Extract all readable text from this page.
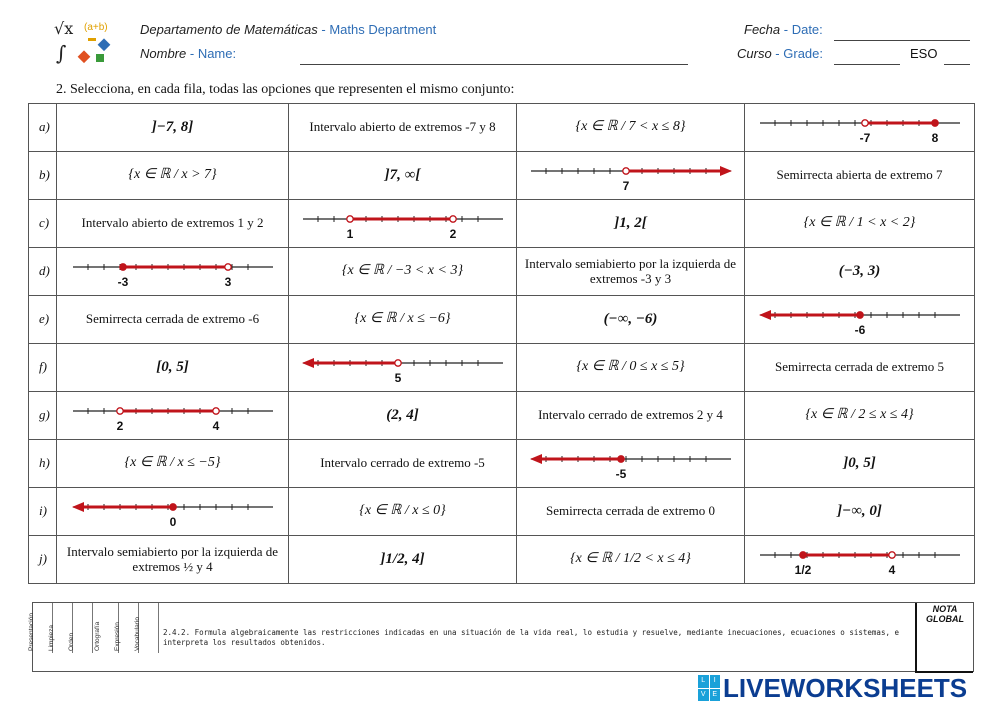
√x (a+b)
∫
Departamento de Matemáticas - Maths Department
Nombre - Name:
Fecha - Date:
Curso - Grade:	ESO
2. Selecciona, en cada fila, todas las opciones que representen el mismo conjunto:
a)	]−7, 8]	Intervalo abierto de extremos -7 y 8	{x ∈ ℝ / 7 < x ≤ 8}	-7 8

b)	{x ∈ ℝ / x > 7}	]7, ∞[	7	Semirrecta abierta de extremo 7
c)	Intervalo abierto de extremos 1 y 2	1 2	]1, 2[	{x ∈ ℝ / 1 < x < 2}
d)	-3 3	{x ∈ ℝ / −3 < x < 3}	Intervalo semiabierto por la izquierda de extremos -3 y 3	(−3, 3)
e)	Semirrecta cerrada de extremo -6	{x ∈ ℝ / x ≤ −6}	(−∞, −6)	-6

f)	[0, 5]	5	{x ∈ ℝ / 0 ≤ x ≤ 5}	Semirrecta cerrada de extremo 5
g)	2 4	(2, 4]	Intervalo cerrado de extremos 2 y 4	{x ∈ ℝ / 2 ≤ x ≤ 4}
h)	{x ∈ ℝ / x ≤ −5}	Intervalo cerrado de extremo -5	-5	]0, 5]
i)	0	{x ∈ ℝ / x ≤ 0}	Semirrecta cerrada de extremo 0	]−∞, 0]
j)	Intervalo semiabierto por la izquierda de extremos ½ y 4	]1/2, 4]	{x ∈ ℝ / 1/2 < x ≤ 4}	1/2 4
Presentación Limpieza Orden	Ortografía Expresión Vocabulario	2.4.2. Formula algebraicamente las restricciones indicadas en una situación de la vida real, lo estudia y resuelve, mediante inecuaciones, ecuaciones o sistemas, e interpreta los resultados obtenidos.
NOTA GLOBAL
L	I
V E LIVEWORKSHEETS
